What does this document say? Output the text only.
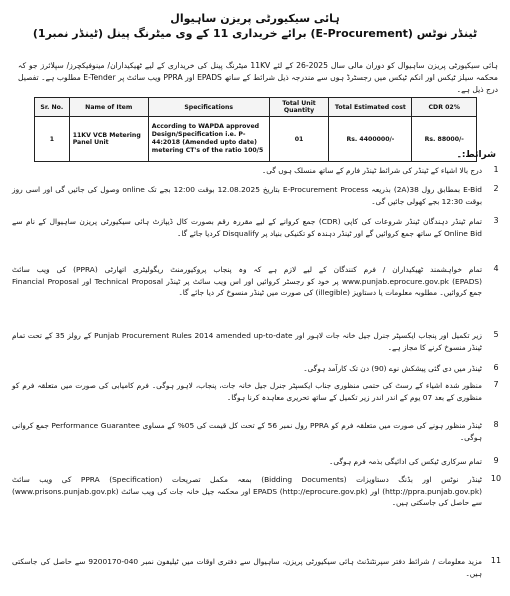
ہائی سیکیورٹی پریزن ساہیوال
ٹینڈر نوٹس (E-Procurement) برائے خریداری 11 کے وی میٹرنگ پینل (ٹینڈر نمبر1)
ہائی سیکیورٹی پریزن ساہیوال کو دوران مالی سال 2025-26 کے لئے 11KV میٹرنگ پینل کی خریداری کے لیے ٹھیکیداران/ مینوفیکچرز/ سپلائرز جو کہ محکمہ سیلز ٹیکس اور انکم ٹیکس میں رجسٹرڈ ہوں سے مندرجہ ذیل شرائط کے ساتھ EPADS اور PPRA ویب سائٹ پر E-Tender مطلوب ہے۔ تفصیل درج ذیل ہے۔
Sr. No.	Name of Item	Specifications	Total Unit Quantity	Total Estimated cost	CDR 02%
1	11KV VCB Metering Panel Unit	According to WAPDA approved Design/Specification i.e. P-44:2018 (Amended upto date) metering CT's of the ratio 100/5	01	Rs. 4400000/-	Rs. 88000/-
شرائط:۔
1
درج بالا اشیاء کے ٹینڈر کی شرائط ٹینڈر فارم کے ساتھ منسلک ہوں گی۔
2
E-Bid بمطابق رول 38(2A) بذریعہ E-Procurement Process بتاریخ 12.08.2025 بوقت 12:00 بجے تک online وصول کی جائیں گی اور اسی روز بوقت 12:30 بجے کھولی جائیں گی۔
3
تمام ٹینڈر دہندگان ٹینڈر شروعات کی کاپی (CDR) جمع کروانے کے لیے مقررہ رقم بصورت کال ڈیپازٹ ہائی سیکیورٹی پریزن ساہیوال کے نام سے Online Bid کے ساتھ جمع کروائیں گے اور ٹینڈر دہندہ کو تکنیکی بنیاد پر Disqualify کردیا جائے گا۔
4
تمام خواہشمند ٹھیکیداران / فرم کنندگان کے لیے لازم ہے کہ وہ پنجاب پروکیورمنٹ ریگولیٹری اتھارٹی (PPRA) کی ویب سائٹ www.punjab.eprocure.gov.pk (EPADS) پر خود کو رجسٹر کروائیں اور اس ویب سائٹ پر ٹینڈر Technical Proposal اور Financial Proposal جمع کروائیں۔ مطلوبہ معلومات یا دستاویز (illegible) کی صورت میں ٹینڈر منسوخ کر دیا جائے گا۔
5
زیر تکمیل اور پنجاب ایکسپٹر جنرل جیل خانہ جات لاہور اور Punjab Procurement Rules 2014 amended up-to-date کے رولز 35 کے تحت تمام ٹینڈر منسوخ کرنے کا مجاز ہے۔
6
ٹینڈر میں دی گئی پیشکش نوے (90) دن تک کارآمد ہوگی۔
7
منظور شدہ اشیاء کے رسٹ کی حتمی منظوری جناب ایکسپٹر جنرل جیل خانہ جات، پنجاب، لاہور ہوگی۔ فرم کامیابی کی صورت میں متعلقہ فرم کو منظوری کے بعد 07 یوم کے اندر اندر زیر تکمیل کے ساتھ تحریری معاہدہ کرنا ہوگا۔
8
ٹینڈر منظور ہونے کی صورت میں متعلقہ فرم کو PPRA رول نمبر 56 کے تحت کل قیمت کی 05% کے مساوی Performance Guarantee جمع کروانی ہوگی۔
9
تمام سرکاری ٹیکس کی ادائیگی بذمہ فرم ہوگی۔
10
ٹینڈر نوٹس اور بڈنگ دستاویزات (Bidding Documents) بمعہ مکمل تصریحات (Specification) PPRA کی ویب سائٹ (http://ppra.punjab.gov.pk) اور EPADS (http://eprocure.gov.pk) اور محکمہ جیل خانہ جات کی ویب سائٹ (www.prisons.punjab.gov.pk) سے حاصل کی جاسکتی ہیں۔
11
مزید معلومات / شرائط دفتر سپرنٹنڈنٹ ہائی سیکیورٹی پریزن، ساہیوال سے دفتری اوقات میں ٹیلیفون نمبر 040-9200170 سے حاصل کی جاسکتی ہیں۔
